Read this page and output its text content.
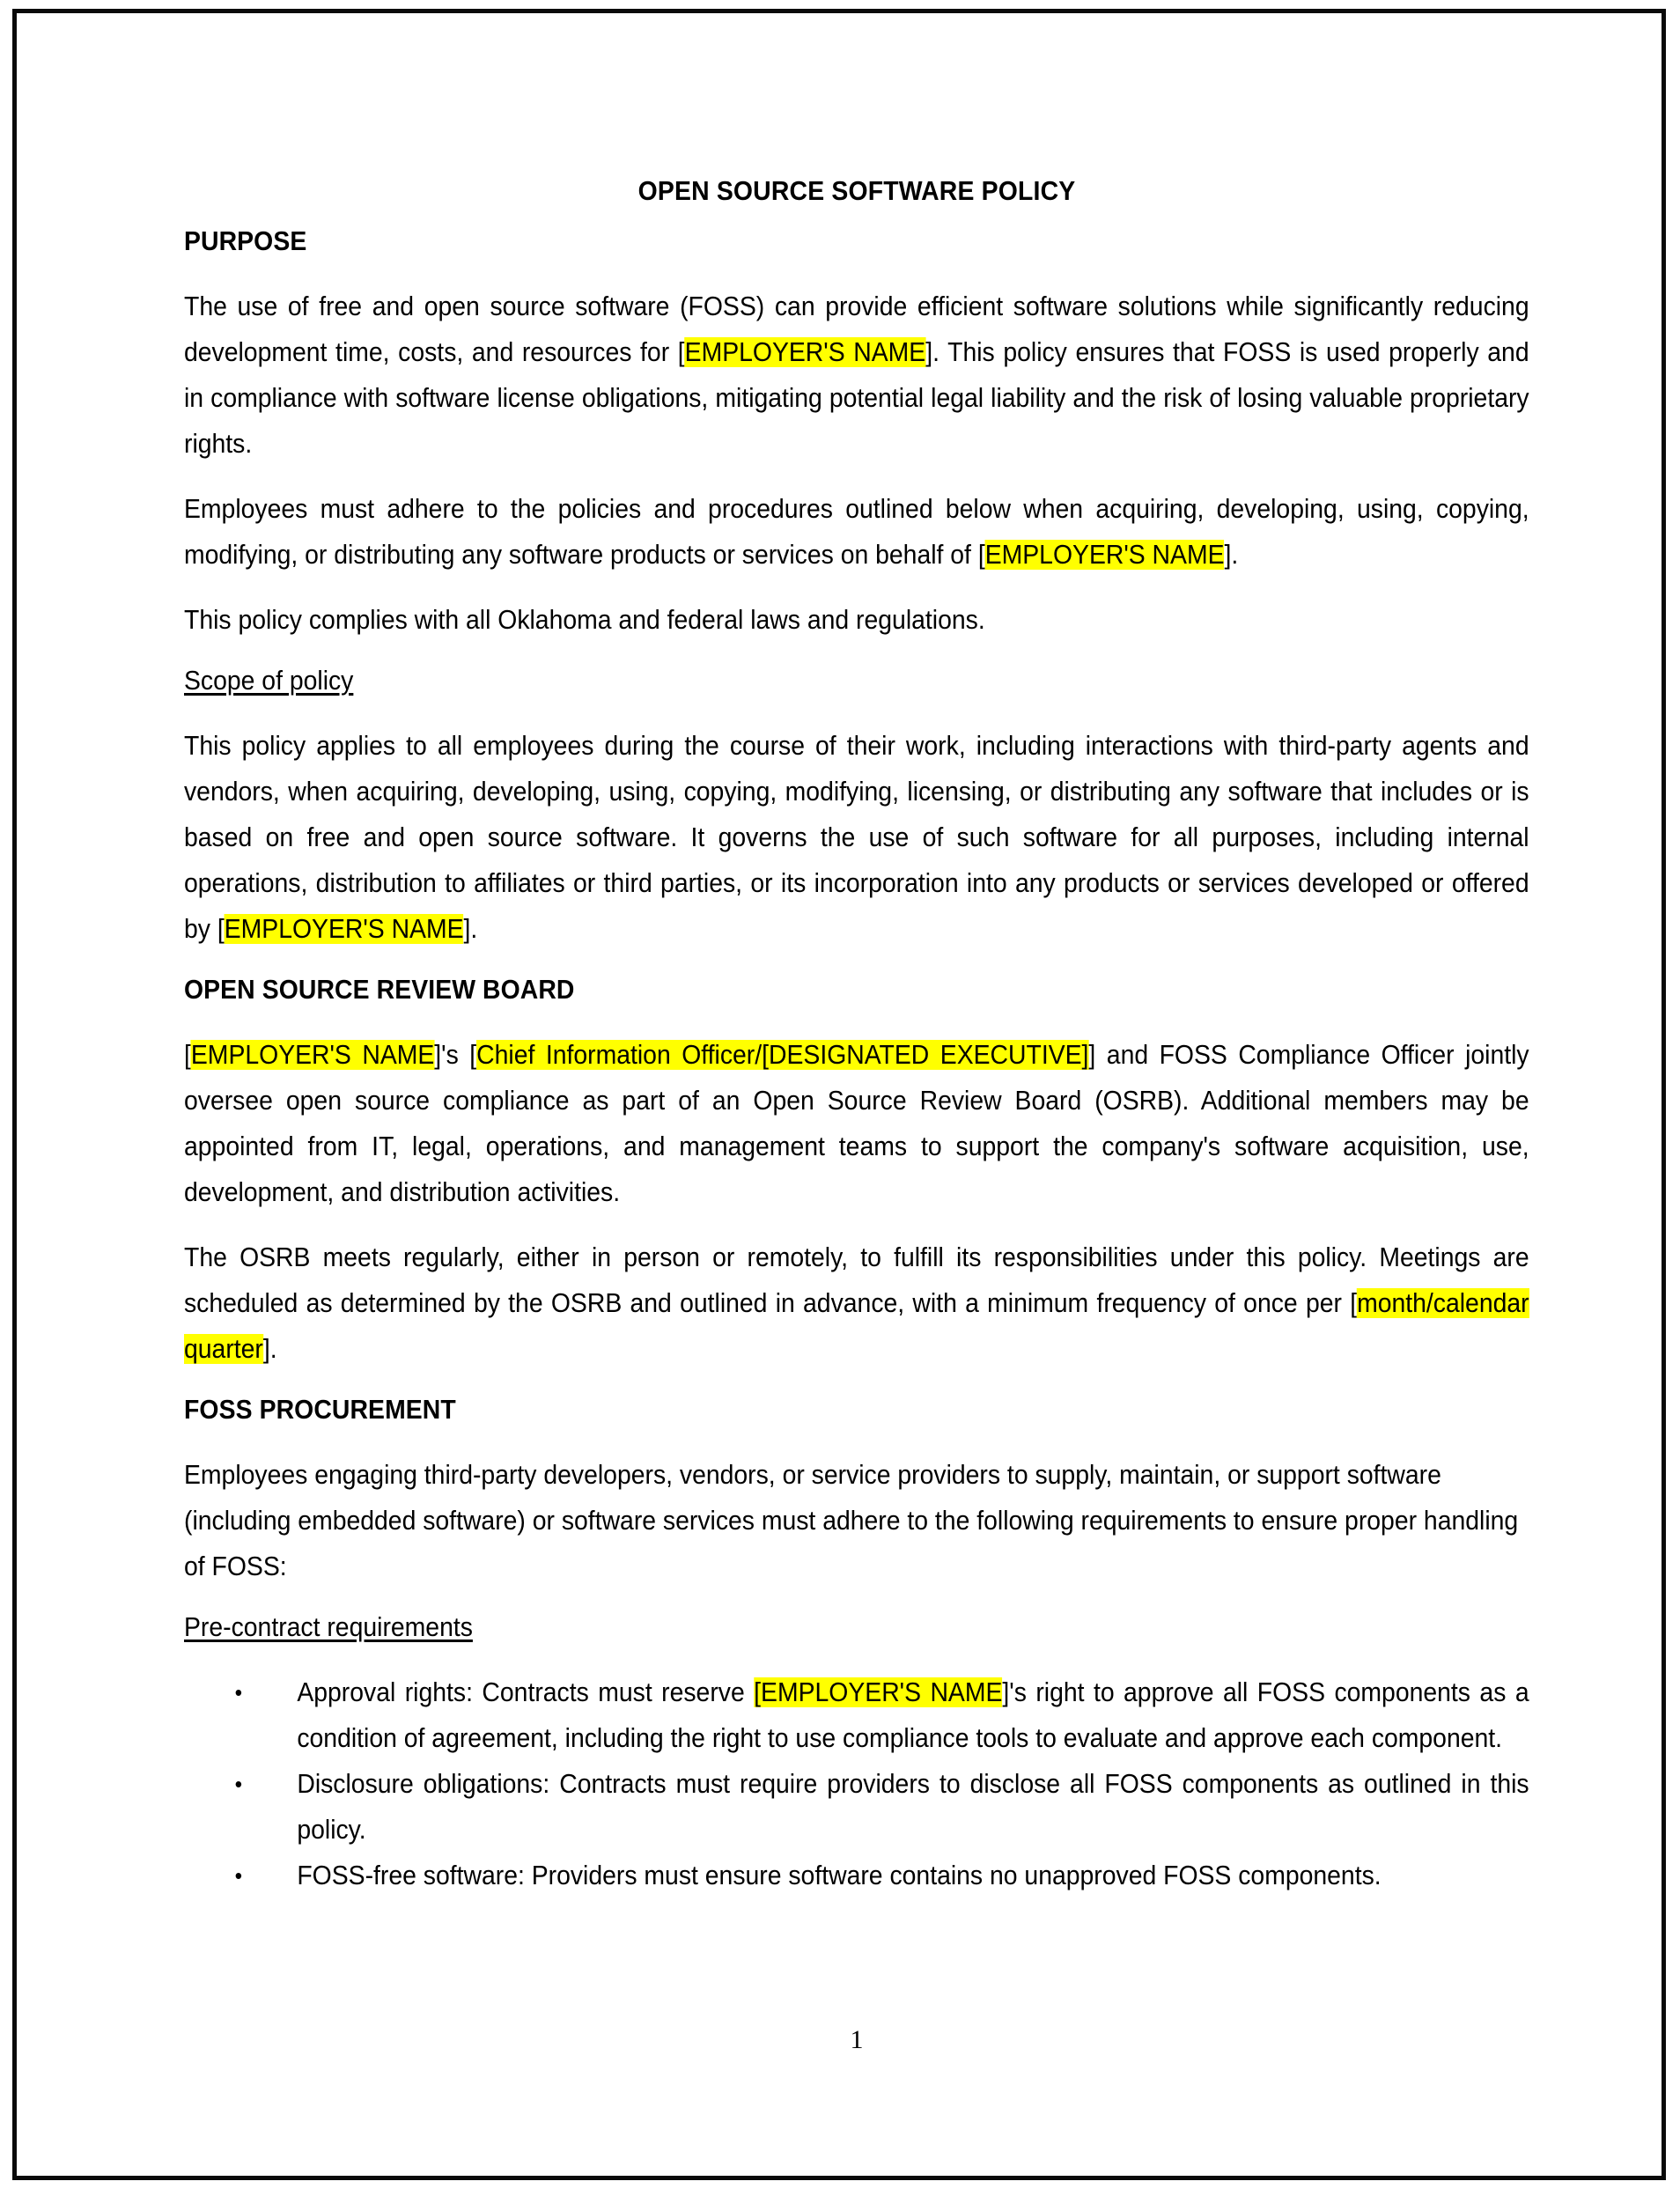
OPEN SOURCE SOFTWARE POLICY
PURPOSE

The use of free and open source software (FOSS) can provide efficient software solutions while significantly reducing development time, costs, and resources for [EMPLOYER'S NAME]. This policy ensures that FOSS is used properly and in compliance with software license obligations, mitigating potential legal liability and the risk of losing valuable proprietary rights.

Employees must adhere to the policies and procedures outlined below when acquiring, developing, using, copying, modifying, or distributing any software products or services on behalf of [EMPLOYER'S NAME].

This policy complies with all Oklahoma and federal laws and regulations.

Scope of policy

This policy applies to all employees during the course of their work, including interactions with third-party agents and vendors, when acquiring, developing, using, copying, modifying, licensing, or distributing any software that includes or is based on free and open source software. It governs the use of such software for all purposes, including internal operations, distribution to affiliates or third parties, or its incorporation into any products or services developed or offered by [EMPLOYER'S NAME].

OPEN SOURCE REVIEW BOARD

[EMPLOYER'S NAME]'s [Chief Information Officer/[DESIGNATED EXECUTIVE]] and FOSS Compliance Officer jointly oversee open source compliance as part of an Open Source Review Board (OSRB). Additional members may be appointed from IT, legal, operations, and management teams to support the company's software acquisition, use, development, and distribution activities.

The OSRB meets regularly, either in person or remotely, to fulfill its responsibilities under this policy. Meetings are scheduled as determined by the OSRB and outlined in advance, with a minimum frequency of once per [month/calendar quarter].

FOSS PROCUREMENT

Employees engaging third-party developers, vendors, or service providers to supply, maintain, or support software (including embedded software) or software services must adhere to the following requirements to ensure proper handling of FOSS:

Pre-contract requirements
• Approval rights: Contracts must reserve [EMPLOYER'S NAME]'s right to approve all FOSS components as a condition of agreement, including the right to use compliance tools to evaluate and approve each component.
• Disclosure obligations: Contracts must require providers to disclose all FOSS components as outlined in this policy.
• FOSS-free software: Providers must ensure software contains no unapproved FOSS components.
1
